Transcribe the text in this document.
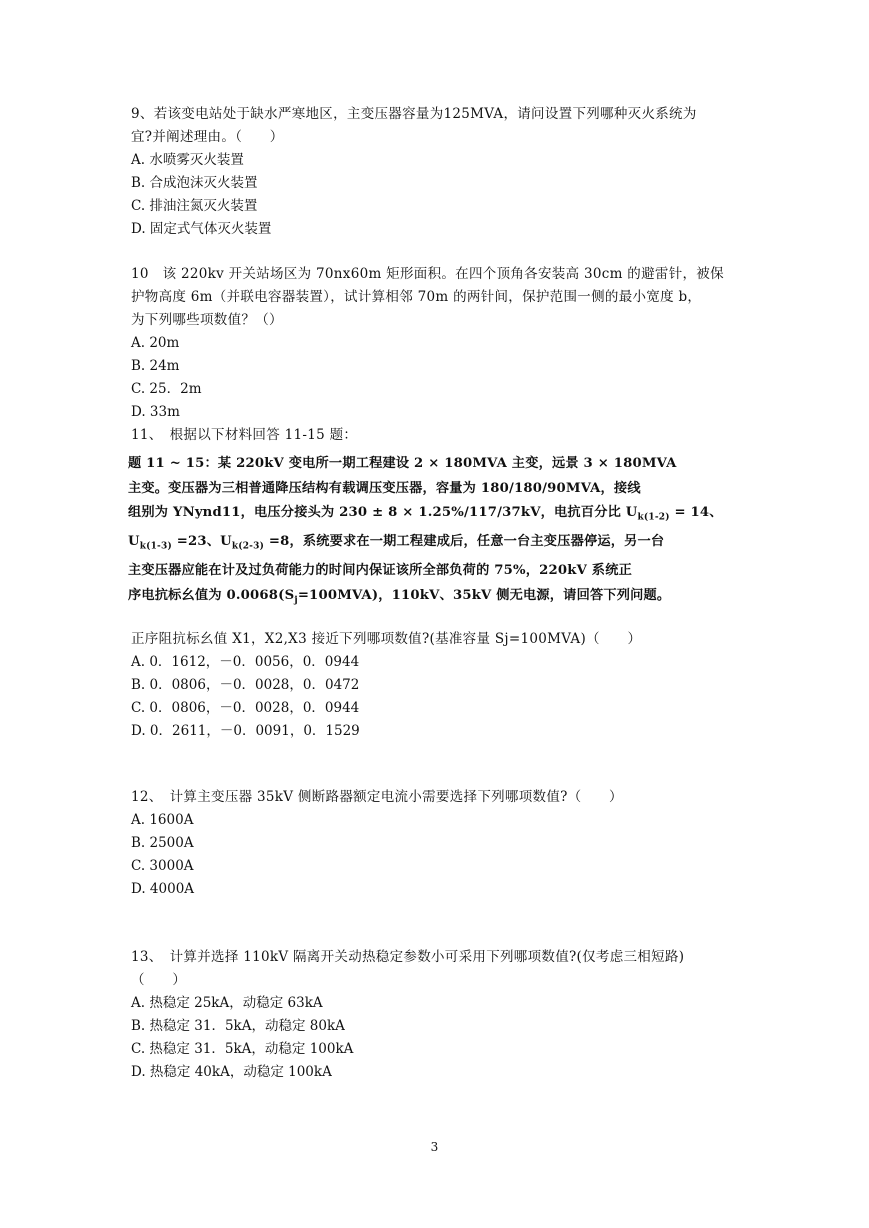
9、若该变电站处于缺水严寒地区，主变压器容量为125MVA，请问设置下列哪种灭火系统为
宜?并阐述理由。（　　）
A. 水喷雾灭火装置
B. 合成泡沫灭火装置
C. 排油注氮灭火装置
D. 固定式气体灭火装置
10　该 220kv 开关站场区为 70nx60m 矩形面积。在四个顶角各安装高 30cm 的避雷针，被保
护物高度 6m（并联电容器装置），试计算相邻 70m 的两针间，保护范围一侧的最小宽度 b，
为下列哪些项数值？（）
A. 20m
B. 24m
C. 25．2m
D. 33m
11、　根据以下材料回答 11-15 题：
题 11 ~ 15：某 220kV 变电所一期工程建设 2 × 180MVA 主变，远景 3 × 180MVA
主变。变压器为三相普通降压结构有载调压变压器，容量为 180/180/90MVA，接线
组别为 YNynd11，电压分接头为 230 ± 8 × 1.25%/117/37kV，电抗百分比 $U_{k(1-2)} = 14$、
$U_{k(1-3)} =23$、$U_{k(2-3)} =8$，系统要求在一期工程建成后，任意一台主变压器停运，另一台
主变压器应能在计及过负荷能力的时间内保证该所全部负荷的 75%，220kV 系统正
序电抗标幺值为 $0.0068(S_j=100MVA)$，110kV、35kV 侧无电源，请回答下列问题。
正序阻抗标幺值 X1，X2,X3 接近下列哪项数值?(基准容量 Sj=100MVA)（　　）
A. 0．1612，－0．0056，0．0944
B. 0．0806，－0．0028，0．0472
C. 0．0806，－0．0028，0．0944
D. 0．2611，－0．0091，0．1529
12、　计算主变压器 35kV 侧断路器额定电流小需要选择下列哪项数值?（　　）
A. 1600A
B. 2500A
C. 3000A
D. 4000A
13、　计算并选择 110kV 隔离开关动热稳定参数小可采用下列哪项数值?(仅考虑三相短路)
（　　）
A. 热稳定 25kA，动稳定 63kA
B. 热稳定 31．5kA，动稳定 80kA
C. 热稳定 31．5kA，动稳定 100kA
D. 热稳定 40kA，动稳定 100kA
3
